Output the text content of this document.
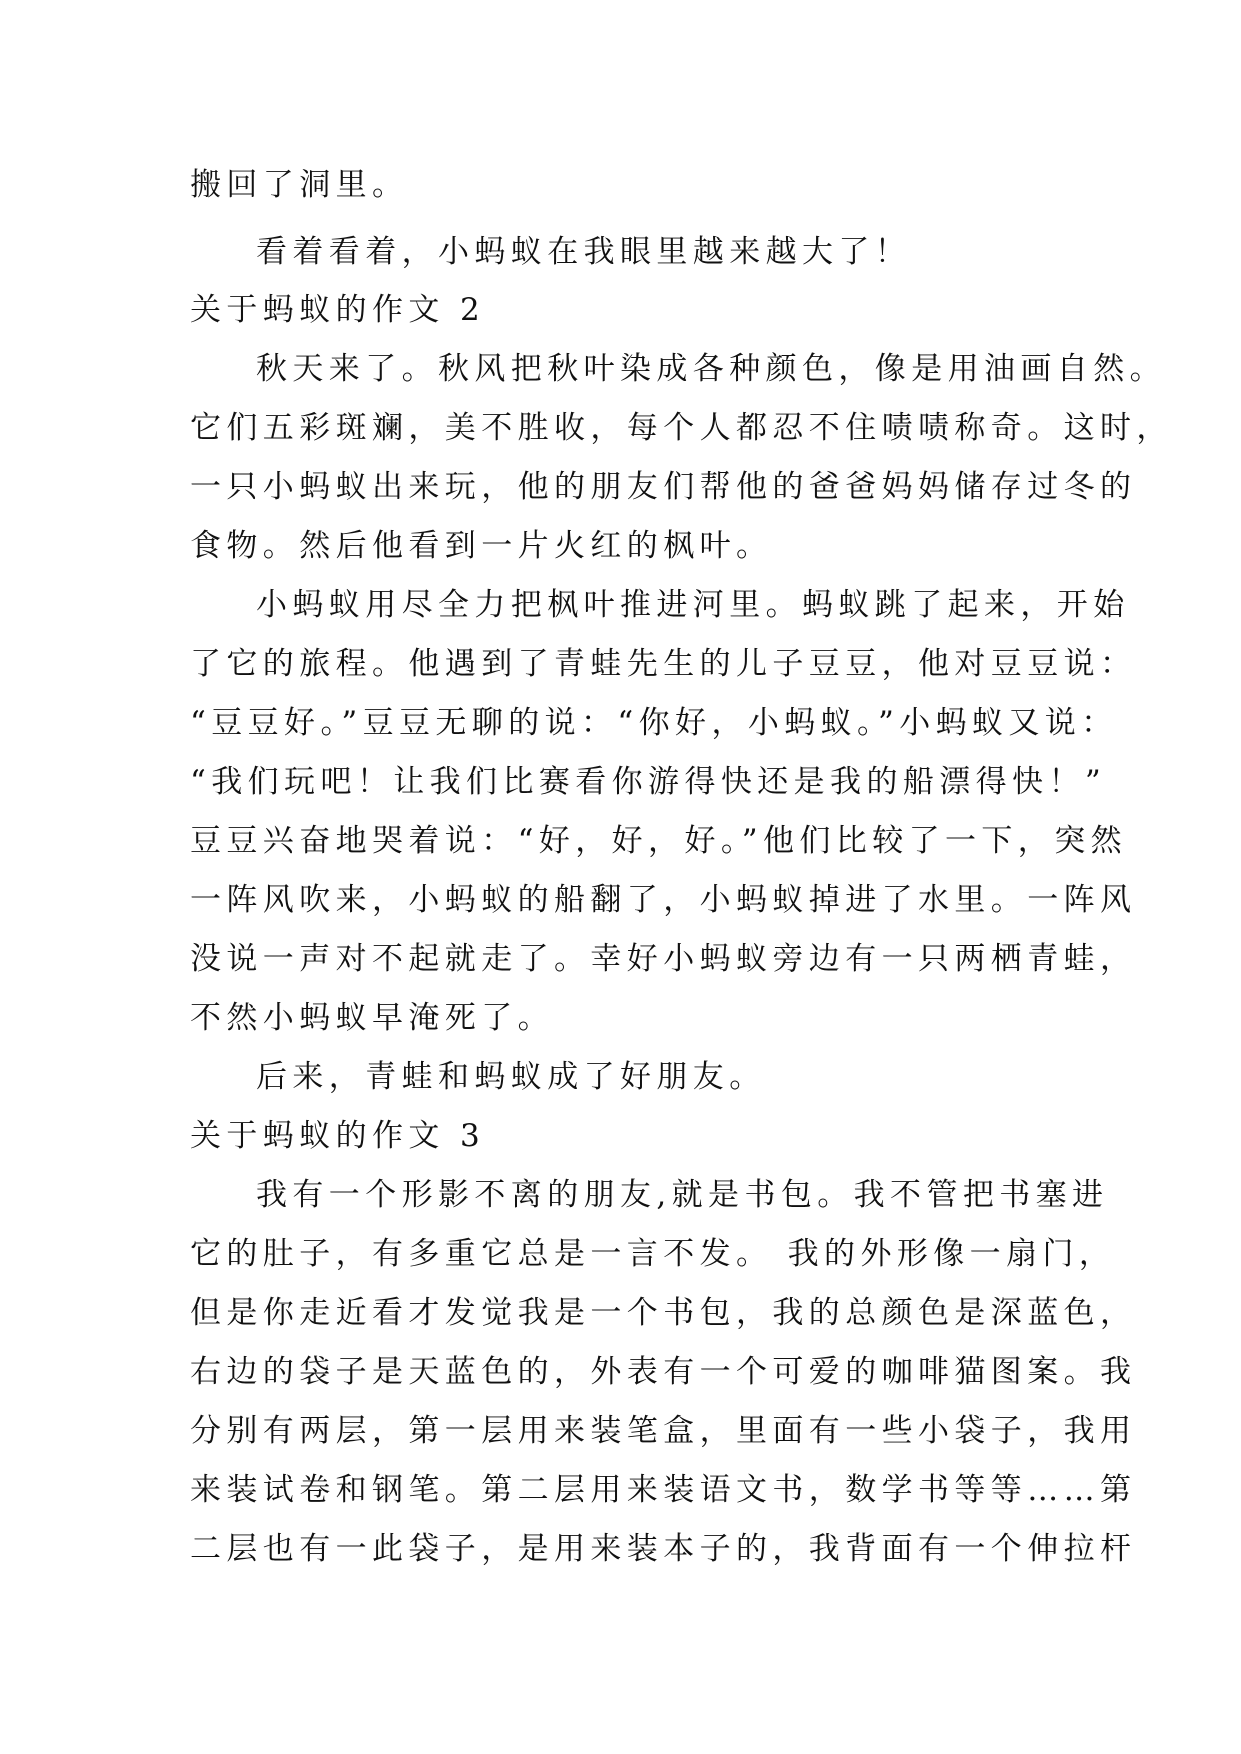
搬回了洞里。
看着看着，小蚂蚁在我眼里越来越大了！
关于蚂蚁的作文 2
秋天来了。秋风把秋叶染成各种颜色，像是用油画自然。
它们五彩斑斓，美不胜收，每个人都忍不住啧啧称奇。这时，
一只小蚂蚁出来玩，他的朋友们帮他的爸爸妈妈储存过冬的
食物。然后他看到一片火红的枫叶。
小蚂蚁用尽全力把枫叶推进河里。蚂蚁跳了起来，开始
了它的旅程。他遇到了青蛙先生的儿子豆豆，他对豆豆说：
“豆豆好。”豆豆无聊的说：“你好，小蚂蚁。”小蚂蚁又说：
“我们玩吧！让我们比赛看你游得快还是我的船漂得快！”
豆豆兴奋地哭着说：“好，好，好。”他们比较了一下，突然
一阵风吹来，小蚂蚁的船翻了，小蚂蚁掉进了水里。一阵风
没说一声对不起就走了。幸好小蚂蚁旁边有一只两栖青蛙，
不然小蚂蚁早淹死了。
后来，青蛙和蚂蚁成了好朋友。
关于蚂蚁的作文 3
我有一个形影不离的朋友,就是书包。我不管把书塞进
它的肚子，有多重它总是一言不发。 我的外形像一扇门，
但是你走近看才发觉我是一个书包，我的总颜色是深蓝色，
右边的袋子是天蓝色的，外表有一个可爱的咖啡猫图案。我
分别有两层，第一层用来装笔盒，里面有一些小袋子，我用
来装试卷和钢笔。第二层用来装语文书，数学书等等……第
二层也有一此袋子，是用来装本子的，我背面有一个伸拉杆
